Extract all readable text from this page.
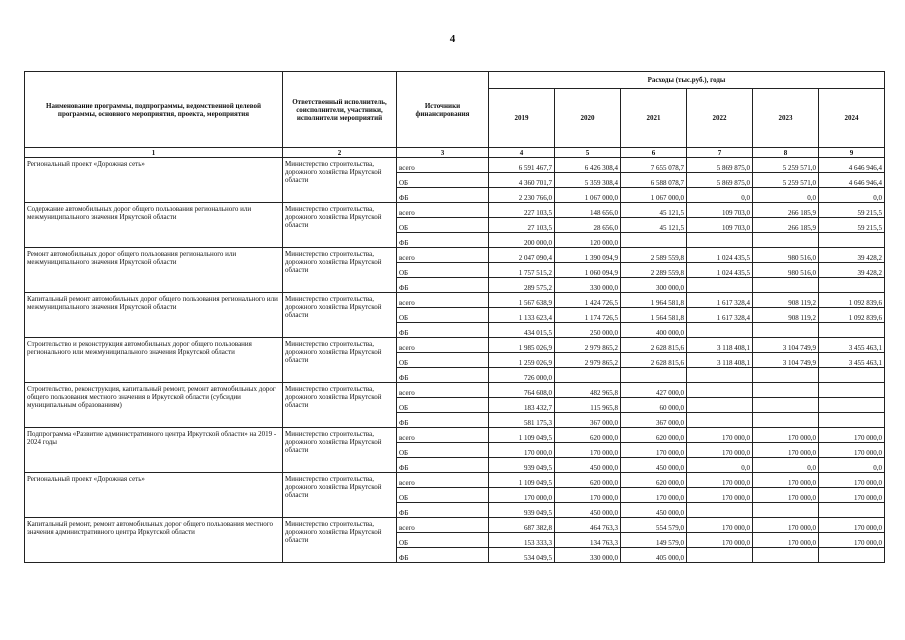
4
Наименование программы, подпрограммы, ведомственной целевой программы, основного мероприятия, проекта, мероприятия	Ответственный исполнитель, соисполнители, участники, исполнители мероприятий	Источники финансирования	Расходы (тыс.руб.), годы					
			2019	2020	2021	2022	2023	2024
1	2	3	4	5	6	7	8	9
Региональный проект «Дорожная сеть»	Министерство строительства, дорожного хозяйства Иркутской области	всего	6 591 467,7	6 426 308,4	7 655 078,7	5 869 875,0	5 259 571,0	4 646 946,4
		ОБ	4 360 701,7	5 359 308,4	6 588 078,7	5 869 875,0	5 259 571,0	4 646 946,4
		ФБ	2 230 766,0	1 067 000,0	1 067 000,0	0,0	0,0	0,0
Содержание автомобильных дорог общего пользования регионального или межмуниципального значения Иркутской области	Министерство строительства, дорожного хозяйства Иркутской области	всего	227 103,5	148 656,0	45 121,5	109 703,0	266 185,9	59 215,5
		ОБ	27 103,5	28 656,0	45 121,5	109 703,0	266 185,9	59 215,5
		ФБ	200 000,0	120 000,0				
Ремонт автомобильных дорог общего пользования регионального или межмуниципального значения Иркутской области	Министерство строительства, дорожного хозяйства Иркутской области	всего	2 047 090,4	1 390 094,9	2 589 559,8	1 024 435,5	980 516,0	39 428,2
		ОБ	1 757 515,2	1 060 094,9	2 289 559,8	1 024 435,5	980 516,0	39 428,2
		ФБ	289 575,2	330 000,0	300 000,0			
Капитальный ремонт автомобильных дорог общего пользования регионального или межмуниципального значения Иркутской области	Министерство строительства, дорожного хозяйства Иркутской области	всего	1 567 638,9	1 424 726,5	1 964 581,8	1 617 328,4	908 119,2	1 092 839,6
		ОБ	1 133 623,4	1 174 726,5	1 564 581,8	1 617 328,4	908 119,2	1 092 839,6
		ФБ	434 015,5	250 000,0	400 000,0			
Строительство и реконструкция автомобильных дорог общего пользования регионального или межмуниципального значения Иркутской области	Министерство строительства, дорожного хозяйства Иркутской области	всего	1 985 026,9	2 979 865,2	2 628 815,6	3 118 408,1	3 104 749,9	3 455 463,1
		ОБ	1 259 026,9	2 979 865,2	2 628 815,6	3 118 408,1	3 104 749,9	3 455 463,1
		ФБ	726 000,0					
Строительство, реконструкция, капитальный ремонт, ремонт автомобильных дорог общего пользования местного значения в Иркутской области (субсидии муниципальным образованиям)	Министерство строительства, дорожного хозяйства Иркутской области	всего	764 608,0	482 965,8	427 000,0			
		ОБ	183 432,7	115 965,8	60 000,0			
		ФБ	581 175,3	367 000,0	367 000,0			
Подпрограмма «Развитие административного центра Иркутской области» на 2019 - 2024 годы	Министерство строительства, дорожного хозяйства Иркутской области	всего	1 109 049,5	620 000,0	620 000,0	170 000,0	170 000,0	170 000,0
		ОБ	170 000,0	170 000,0	170 000,0	170 000,0	170 000,0	170 000,0
		ФБ	939 049,5	450 000,0	450 000,0	0,0	0,0	0,0
Региональный проект «Дорожная сеть»	Министерство строительства, дорожного хозяйства Иркутской области	всего	1 109 049,5	620 000,0	620 000,0	170 000,0	170 000,0	170 000,0
		ОБ	170 000,0	170 000,0	170 000,0	170 000,0	170 000,0	170 000,0
		ФБ	939 049,5	450 000,0	450 000,0			
Капитальный ремонт, ремонт автомобильных дорог общего пользования местного значения административного центра Иркутской области	Министерство строительства, дорожного хозяйства Иркутской области	всего	687 382,8	464 763,3	554 579,0	170 000,0	170 000,0	170 000,0
		ОБ	153 333,3	134 763,3	149 579,0	170 000,0	170 000,0	170 000,0
		ФБ	534 049,5	330 000,0	405 000,0			
